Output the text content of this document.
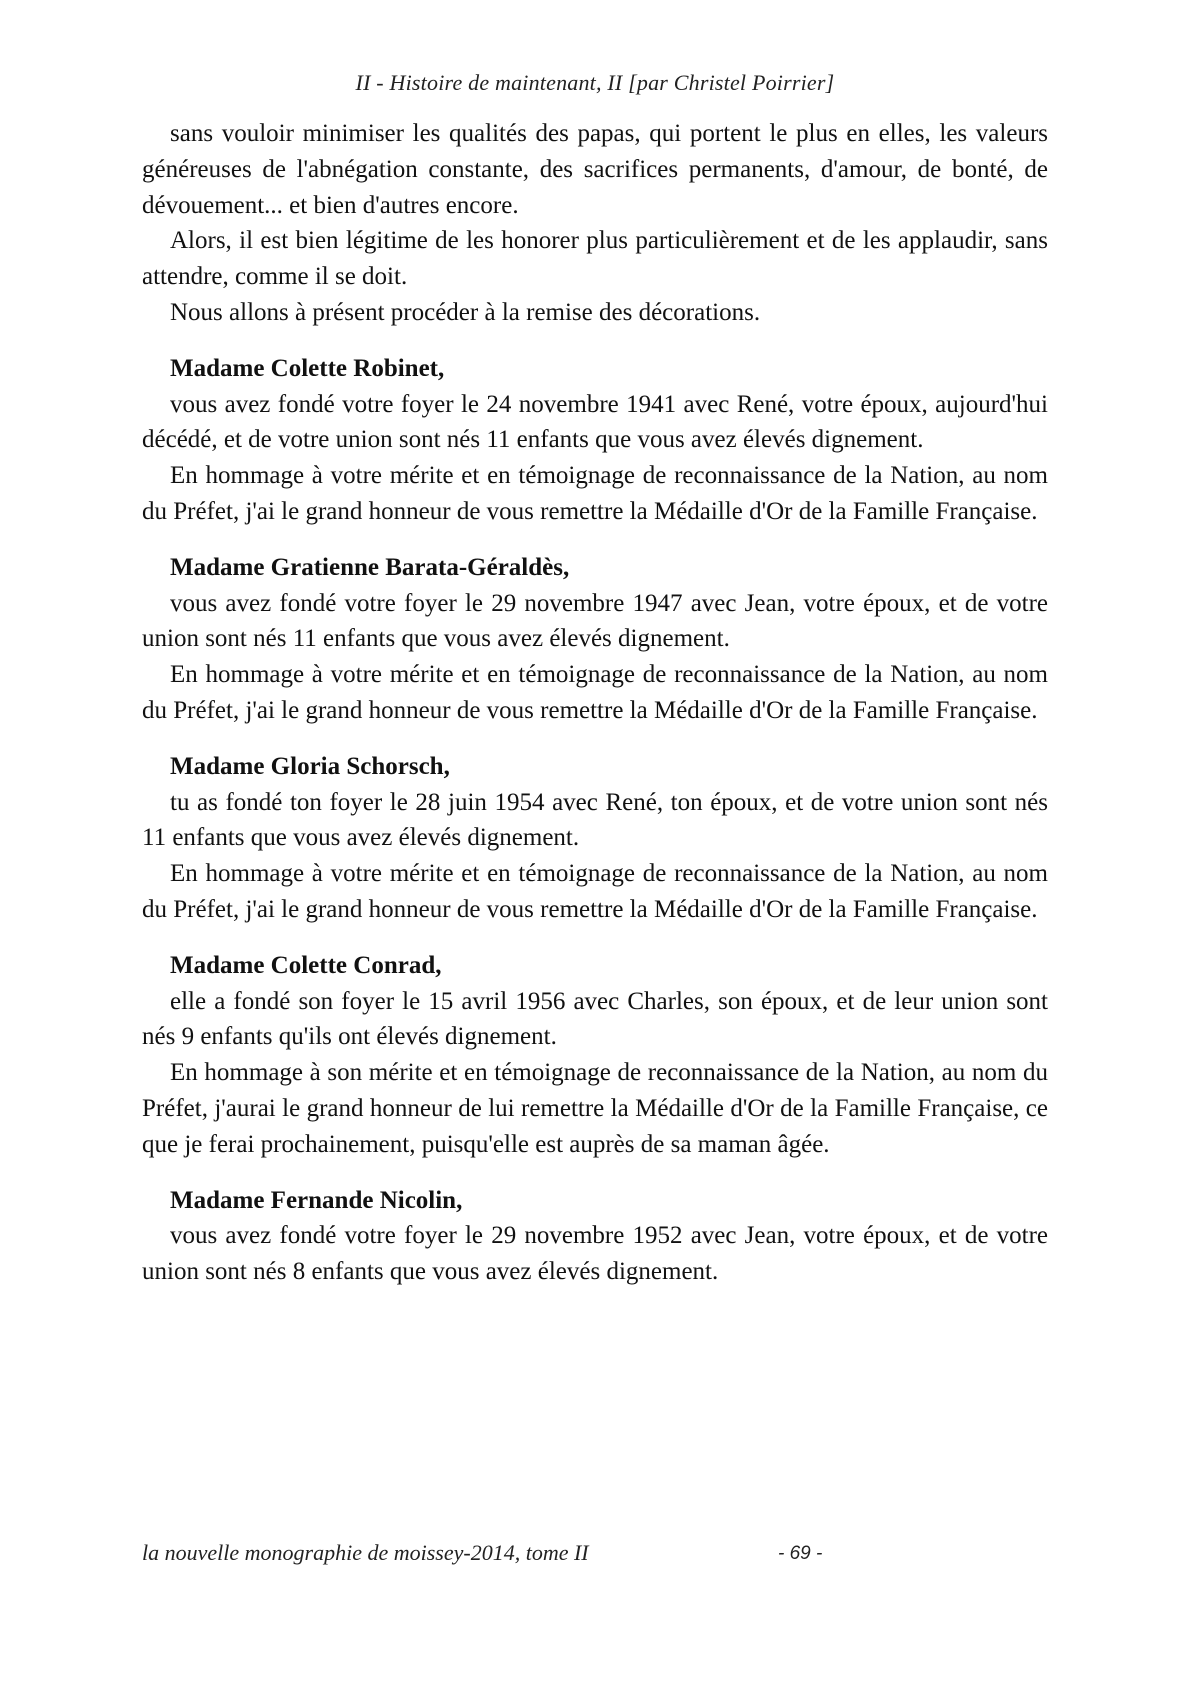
II - Histoire de maintenant, II [par Christel Poirrier]

sans vouloir minimiser les qualités des papas, qui portent le plus en elles, les valeurs généreuses de l'abnégation constante, des sacrifices permanents, d'amour, de bonté, de dévouement... et bien d'autres encore.

Alors, il est bien légitime de les honorer plus particulièrement et de les applaudir, sans attendre, comme il se doit.

Nous allons à présent procéder à la remise des décorations.

Madame Colette Robinet,

vous avez fondé votre foyer le 24 novembre 1941 avec René, votre époux, aujourd'hui décédé, et de votre union sont nés 11 enfants que vous avez élevés dignement.

En hommage à votre mérite et en témoignage de reconnaissance de la Nation, au nom du Préfet, j'ai le grand honneur de vous remettre la Médaille d'Or de la Famille Française.

Madame Gratienne Barata-Géraldès,

vous avez fondé votre foyer le 29 novembre 1947 avec Jean, votre époux, et de votre union sont nés 11 enfants que vous avez élevés dignement.

En hommage à votre mérite et en témoignage de reconnaissance de la Nation, au nom du Préfet, j'ai le grand honneur de vous remettre la Médaille d'Or de la Famille Française.

Madame Gloria Schorsch,

tu as fondé ton foyer le 28 juin 1954 avec René, ton époux, et de votre union sont nés 11 enfants que vous avez élevés dignement.

En hommage à votre mérite et en témoignage de reconnaissance de la Nation, au nom du Préfet, j'ai le grand honneur de vous remettre la Médaille d'Or de la Famille Française.

Madame Colette Conrad,

elle a fondé son foyer le 15 avril 1956 avec Charles, son époux, et de leur union sont nés 9 enfants qu'ils ont élevés dignement.

En hommage à son mérite et en témoignage de reconnaissance de la Nation, au nom du Préfet, j'aurai le grand honneur de lui remettre la Médaille d'Or de la Famille Française, ce que je ferai prochainement, puisqu'elle est auprès de sa maman âgée.

Madame Fernande Nicolin,

vous avez fondé votre foyer le 29 novembre 1952 avec Jean, votre époux, et de votre union sont nés 8 enfants que vous avez élevés dignement.

la nouvelle monographie de moissey-2014, tome II	- 69 -
